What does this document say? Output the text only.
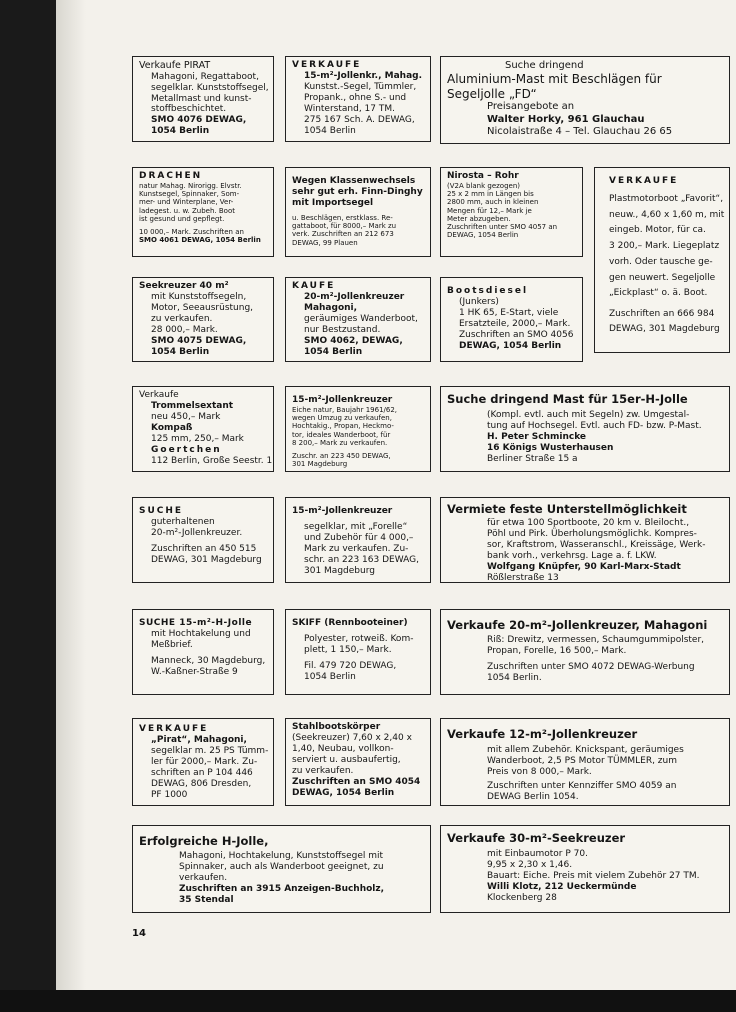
Verkaufe PIRAT
Mahagoni, Regattaboot,
segelklar. Kunststoffsegel,
Metallmast und kunst-
stoffbeschichtet.
SMO 4076 DEWAG,
1054 Berlin
VERKAUFE
15-m²-Jollenkr., Mahag.
Kunstst.-Segel, Tümmler,
Propank., ohne S.- und
Winterstand, 17 TM.
275 167 Sch. A. DEWAG,
1054 Berlin
Suche dringend
Aluminium-Mast mit Beschlägen für
Segeljolle „FD“
Preisangebote an
Walter Horky, 961 Glauchau
Nicolaistraße 4 – Tel. Glauchau 26 65
DRACHEN
natur Mahag. Nirorigg. Elvstr.
Kunstsegel, Spinnaker, Som-
mer- und Winterplane, Ver-
ladegest. u. w. Zubeh. Boot
ist gesund und gepflegt.
10 000,– Mark. Zuschriften an
SMO 4061 DEWAG, 1054 Berlin
Wegen Klassenwechsels
sehr gut erh. Finn-Dinghy
mit Importsegel
u. Beschlägen, erstklass. Re-
gattaboot, für 8000,– Mark zu
verk. Zuschriften an 212 673
DEWAG, 99 Plauen
Nirosta – Rohr
(V2A blank gezogen)
25 x 2 mm in Längen bis
2800 mm, auch in kleinen
Mengen für 12,– Mark je
Meter abzugeben.
Zuschriften unter SMO 4057 an
DEWAG, 1054 Berlin
VERKAUFE
Plastmotorboot „Favorit“,
neuw., 4,60 x 1,60 m, mit
eingeb. Motor, für ca.
3 200,– Mark. Liegeplatz
vorh. Oder tausche ge-
gen neuwert. Segeljolle
„Eickplast“ o. ä. Boot.
Zuschriften an 666 984
DEWAG, 301 Magdeburg
Seekreuzer 40 m²
mit Kunststoffsegeln,
Motor, Seeausrüstung,
zu verkaufen.
28 000,– Mark.
SMO 4075 DEWAG,
1054 Berlin
KAUFE
20-m²-Jollenkreuzer
Mahagoni,
geräumiges Wanderboot,
nur Bestzustand.
SMO 4062, DEWAG,
1054 Berlin
Bootsdiesel
(Junkers)
1 HK 65, E-Start, viele
Ersatzteile, 2000,– Mark.
Zuschriften an SMO 4056
DEWAG, 1054 Berlin
Verkaufe
Trommelsextant
neu 450,– Mark
Kompaß
125 mm, 250,– Mark
Goertchen
112 Berlin, Große Seestr. 1
15-m²-Jollenkreuzer
Eiche natur, Baujahr 1961/62,
wegen Umzug zu verkaufen,
Hochtakig., Propan, Heckmo-
tor, ideales Wanderboot, für
8 200,– Mark zu verkaufen.
Zuschr. an 223 450 DEWAG,
301 Magdeburg
Suche dringend Mast für 15er-H-Jolle
(Kompl. evtl. auch mit Segeln) zw. Umgestal-
tung auf Hochsegel. Evtl. auch FD- bzw. P-Mast.
H. Peter Schmincke
16 Königs Wusterhausen
Berliner Straße 15 a
SUCHE
guterhaltenen
20-m²-Jollenkreuzer.
Zuschriften an 450 515
DEWAG, 301 Magdeburg
15-m²-Jollenkreuzer
segelklar, mit „Forelle“
und Zubehör für 4 000,–
Mark zu verkaufen. Zu-
schr. an 223 163 DEWAG,
301 Magdeburg
Vermiete feste Unterstellmöglichkeit
für etwa 100 Sportboote, 20 km v. Bleilocht.,
Pöhl und Pirk. Überholungsmöglichk. Kompres-
sor, Kraftstrom, Wasseranschl., Kreissäge, Werk-
bank vorh., verkehrsg. Lage a. f. LKW.
Wolfgang Knüpfer, 90 Karl-Marx-Stadt
Rößlerstraße 13
SUCHE 15-m²-H-Jolle
mit Hochtakelung und
Meßbrief.
Manneck, 30 Magdeburg,
W.-Kaßner-Straße 9
SKIFF (Rennbooteiner)
Polyester, rotweiß. Kom-
plett, 1 150,– Mark.
Fil. 479 720 DEWAG,
1054 Berlin
Verkaufe 20-m²-Jollenkreuzer, Mahagoni
Riß: Drewitz, vermessen, Schaumgummipolster,
Propan, Forelle, 16 500,– Mark.
Zuschriften unter SMO 4072 DEWAG-Werbung
1054 Berlin.
VERKAUFE
„Pirat“, Mahagoni,
segelklar m. 25 PS Tümm-
ler für 2000,– Mark. Zu-
schriften an P 104 446
DEWAG, 806 Dresden,
PF 1000
Stahlbootskörper
(Seekreuzer) 7,60 x 2,40 x
1,40, Neubau, vollkon-
serviert u. ausbaufertig,
zu verkaufen.
Zuschriften an SMO 4054
DEWAG, 1054 Berlin
Verkaufe 12-m²-Jollenkreuzer
mit allem Zubehör. Knickspant, geräumiges
Wanderboot, 2,5 PS Motor TÜMMLER, zum
Preis von 8 000,– Mark.
Zuschriften unter Kennziffer SMO 4059 an
DEWAG Berlin 1054.
Erfolgreiche H-Jolle,
Mahagoni, Hochtakelung, Kunststoffsegel mit
Spinnaker, auch als Wanderboot geeignet, zu
verkaufen.
Zuschriften an 3915 Anzeigen-Buchholz,
35 Stendal
Verkaufe 30-m²-Seekreuzer
mit Einbaumotor P 70.
9,95 x 2,30 x 1,46.
Bauart: Eiche. Preis mit vielem Zubehör 27 TM.
Willi Klotz, 212 Ueckermünde
Klockenberg 28
14
